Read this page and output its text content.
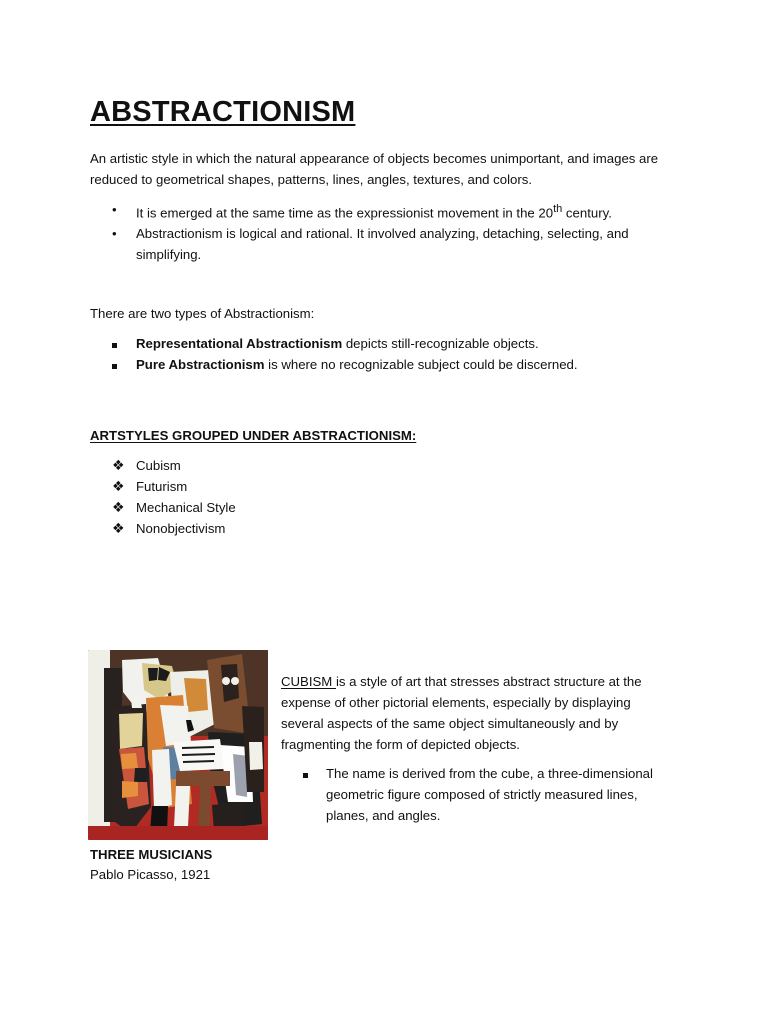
ABSTRACTIONISM

An artistic style in which the natural appearance of objects becomes unimportant, and images are reduced to geometrical shapes, patterns, lines, angles, textures, and colors.

•	It is emerged at the same time as the expressionist movement in the 20th century.
•	Abstractionism is logical and rational. It involved analyzing, detaching, selecting, and simplifying.

There are two types of Abstractionism:

Representational Abstractionism depicts still-recognizable objects.
Pure Abstractionism is where no recognizable subject could be discerned.
ARTSTYLES GROUPED UNDER ABSTRACTIONISM:
❖ Cubism
❖ Futurism
❖ Mechanical Style
❖ Nonobjectivism

THREE MUSICIANS

Pablo Picasso, 1921

CUBISM is a style of art that stresses abstract structure at the expense of other pictorial elements, especially by displaying several aspects of the same object simultaneously and by fragmenting the form of depicted objects.

The name is derived from the cube, a three-dimensional geometric figure composed of strictly measured lines, planes, and angles.
